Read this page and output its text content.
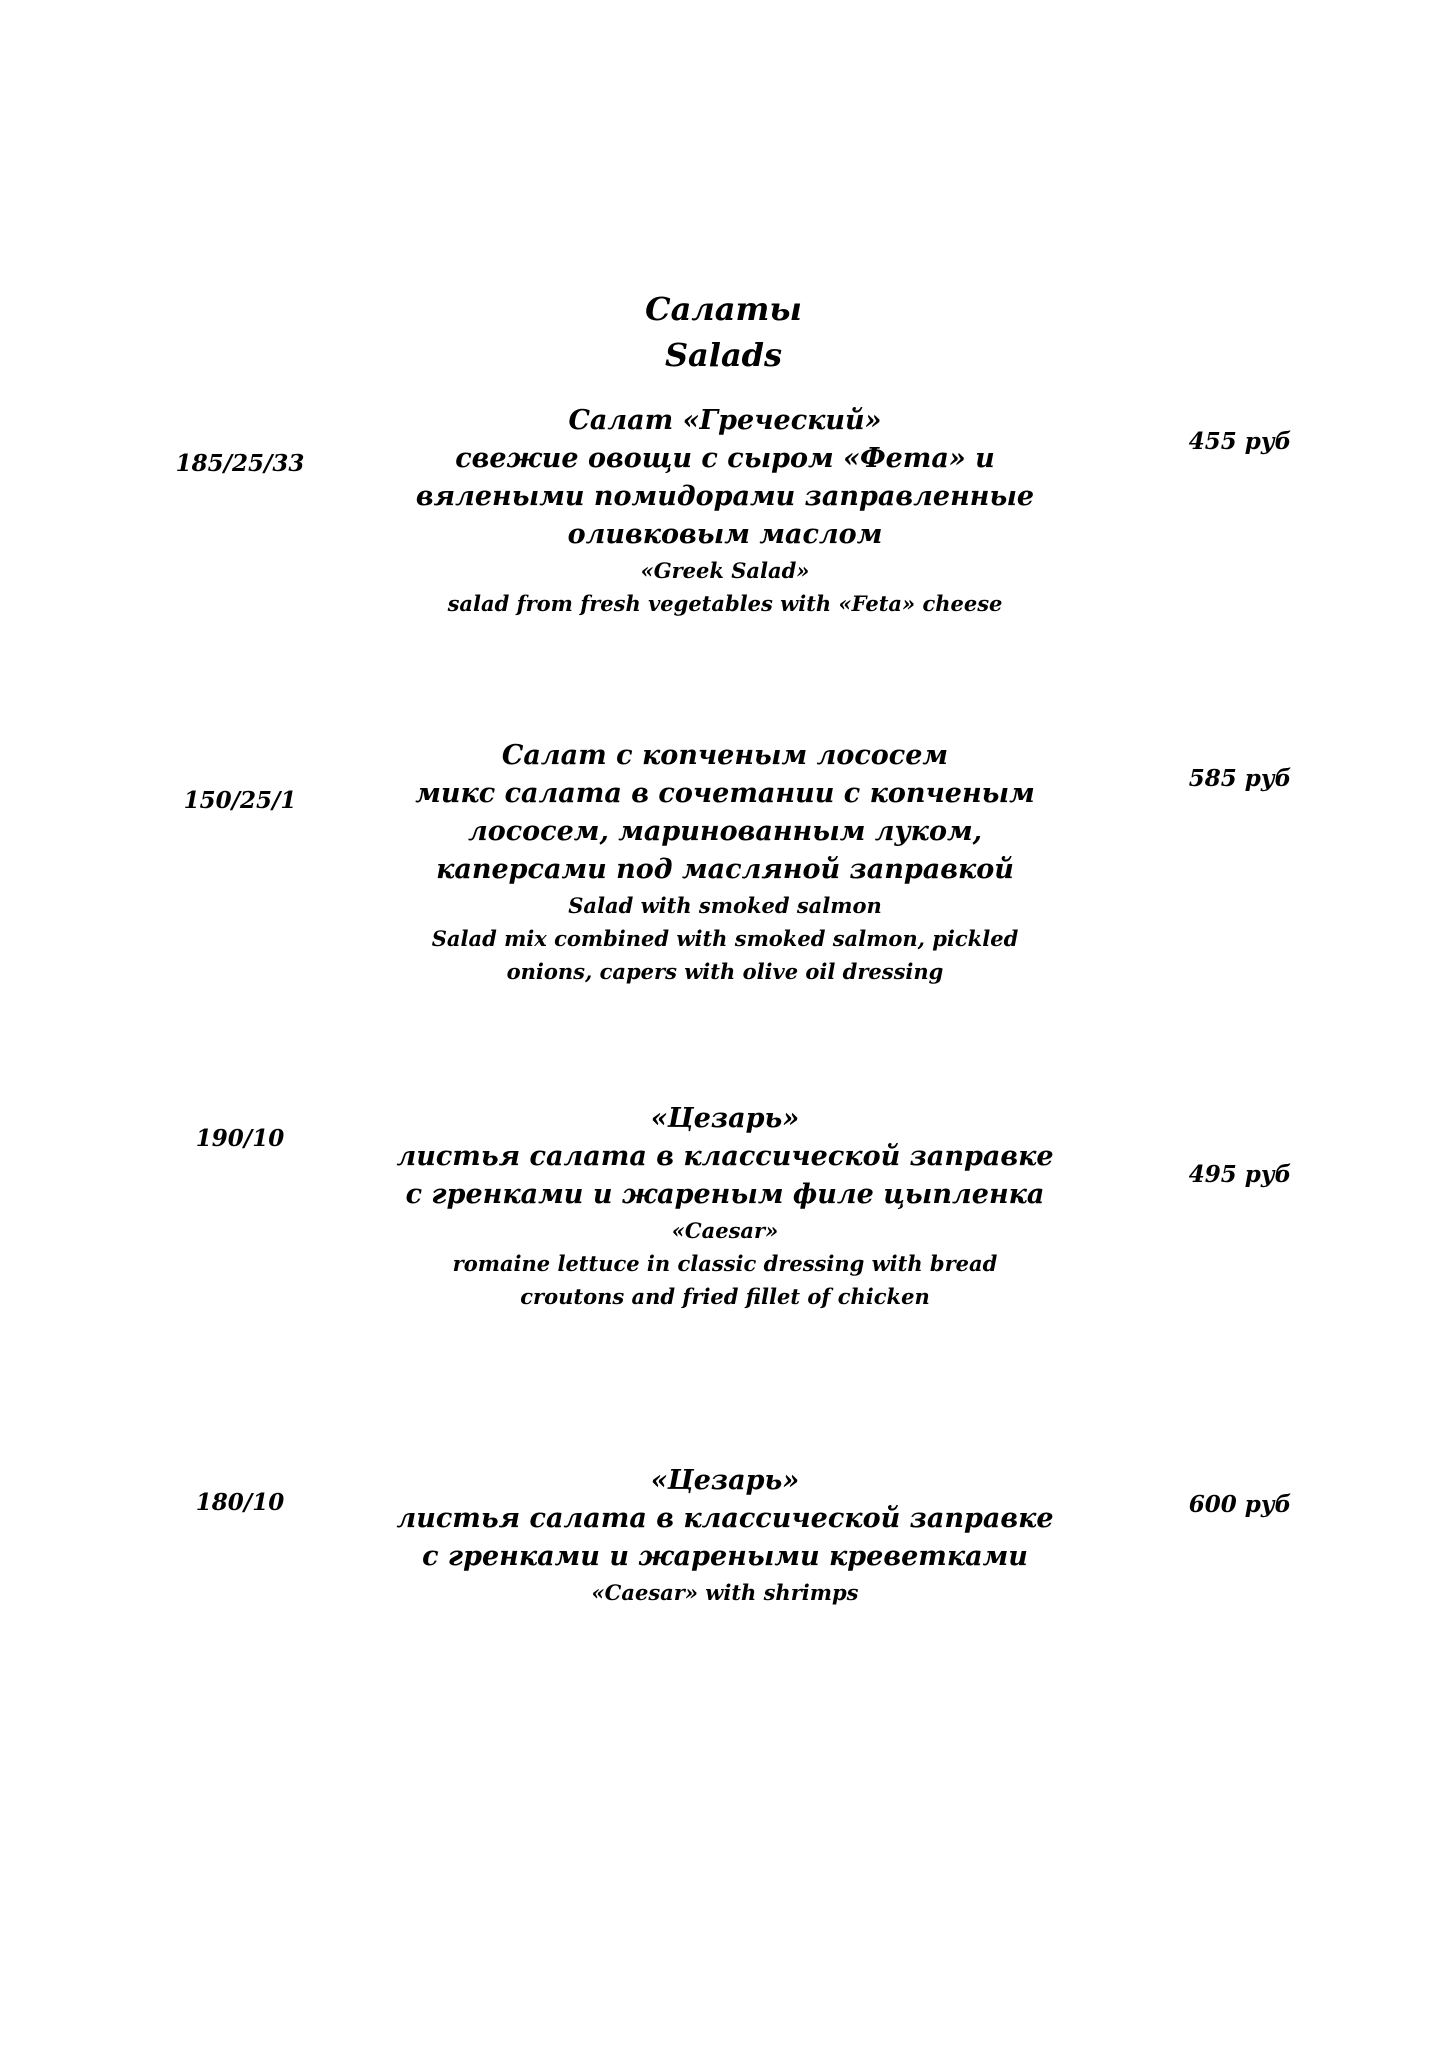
Салаты
Salads
185/25/33
455 руб
Салат «Греческий»
свежие овощи с сыром «Фета» и
вялеными помидорами заправленные
оливковым маслом
«Greek Salad»
salad from fresh vegetables with «Feta» cheese
150/25/1
585 руб
Салат с копченым лососем
микс салата в сочетании с копченым
лососем, маринованным луком,
каперсами под масляной заправкой
Salad with smoked salmon
Salad mix combined with smoked salmon, pickled
onions, capers with olive oil dressing
190/10
495 руб
«Цезарь»
листья салата в классической заправке
с гренками и жареным филе цыпленка
«Caesar»
romaine lettuce in classic dressing with bread
croutons and fried fillet of chicken
180/10	600 руб
«Цезарь»
листья салата в классической заправке
с гренками и жареными креветками
«Caesar» with shrimps
